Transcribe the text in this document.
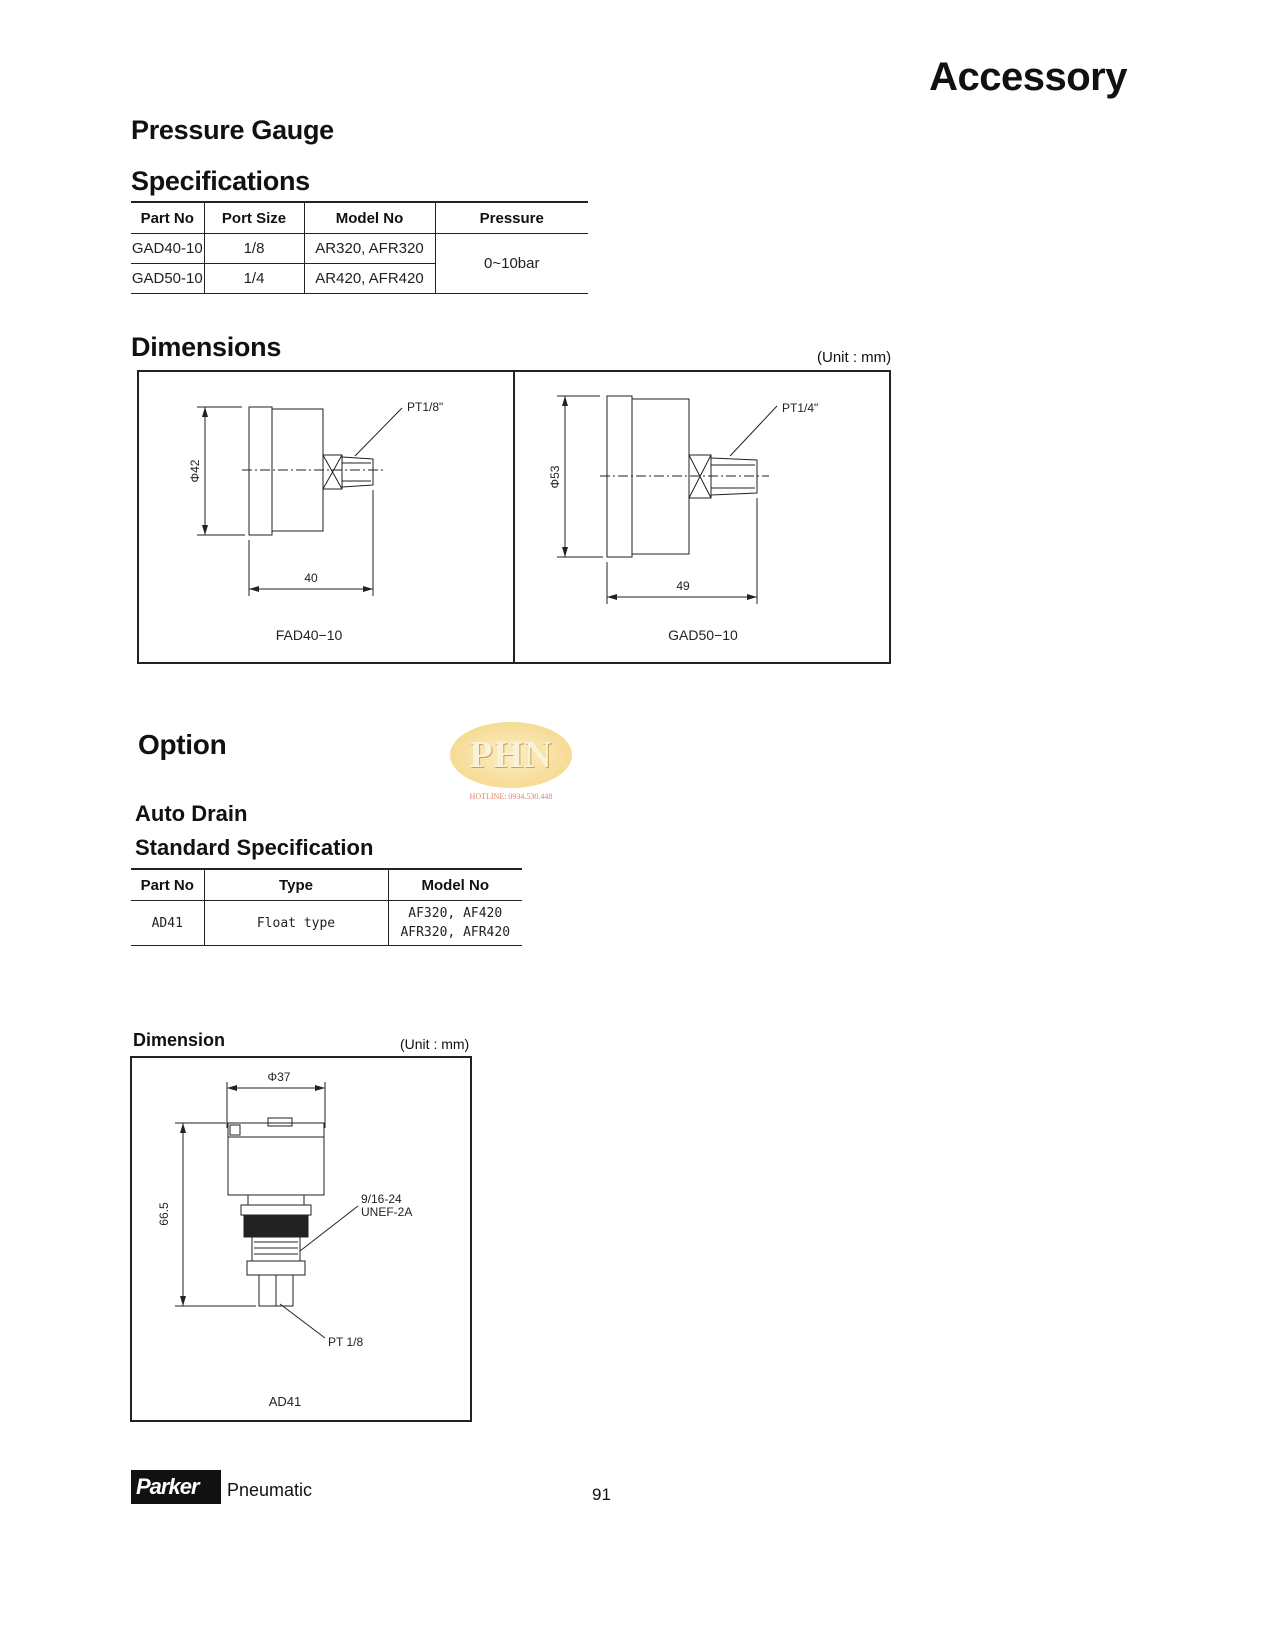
Accessory
Pressure Gauge
Specifications
Part No	Port Size	Model No	Pressure
GAD40-10	1/8	AR320, AFR320	0~10bar
GAD50-10	1/4	AR420, AFR420	
Dimensions	(Unit : mm)
PT1/8"
Φ42
40
FAD40−10
PT1/4"
Φ53
49
GAD50−10
Option	PHN
HOTLINE: 0934.530.448
Auto Drain
Standard Specification
Part No	Type	Model No
AD41	Float type	AF320, AF420
AFR320, AFR420
Dimension	(Unit : mm)
Φ37
66.5
9/16-24
UNEF-2A
PT 1/8
AD41
Parker Pneumatic	91
